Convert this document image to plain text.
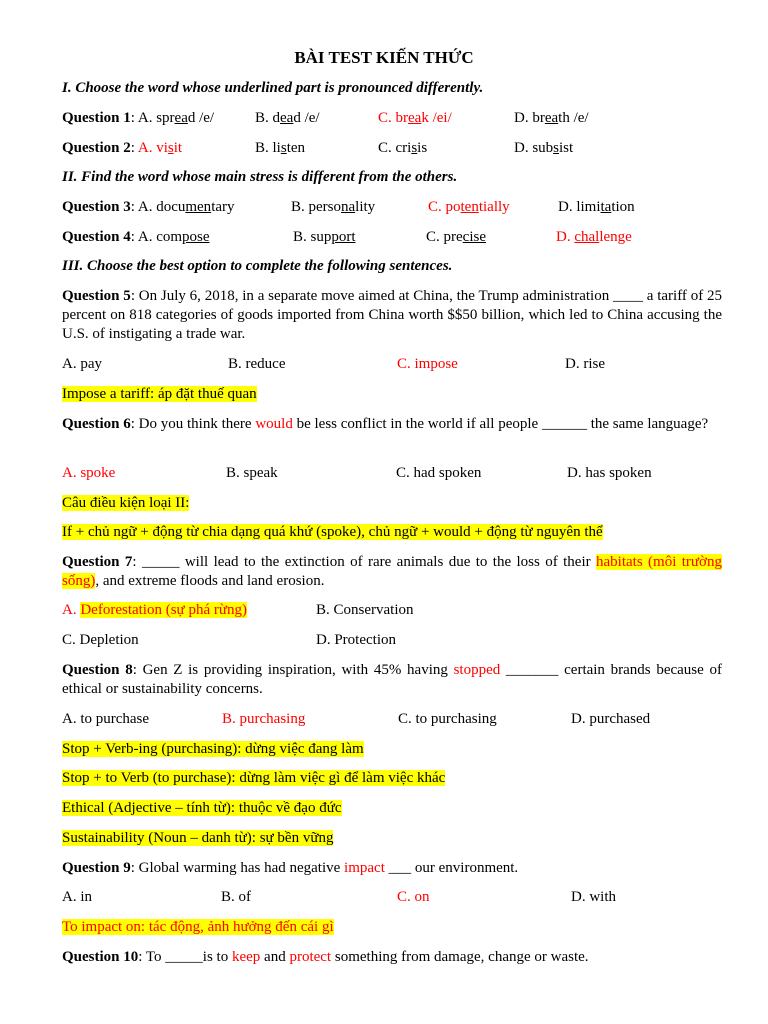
BÀI TEST KIẾN THỨC
I. Choose the word whose underlined part is pronounced differently.
Question 1: A. spread /e/	B. dead /e/	C. break /ei/	D. breath /e/
Question 2: A. visit	B. listen	C. crisis	D. subsist
II. Find the word whose main stress is different from the others.
Question 3: A. documentary	B. personality	C. potentially	D. limitation
Question 4: A. compose	B. support	C. precise	D. challenge
III. Choose the best option to complete the following sentences.
Question 5: On July 6, 2018, in a separate move aimed at China, the Trump administration ____ a tariff of 25 percent on 818 categories of goods imported from China worth $$50 billion, which led to China accusing the U.S. of instigating a trade war.
A. pay	B. reduce	C. impose	D. rise
Impose a tariff: áp đặt thuế quan
Question 6: Do you think there would be less conflict in the world if all people ______ the same language?
A. spoke	B. speak	C. had spoken	D. has spoken
Câu điều kiện loại II:
If + chủ ngữ + động từ chia dạng quá khứ (spoke), chủ ngữ + would + động từ nguyên thể
Question 7: _____ will lead to the extinction of rare animals due to the loss of their habitats (môi trường sống), and extreme floods and land erosion.
A. Deforestation (sự phá rừng)	B. Conservation
C. Depletion	D. Protection
Question 8: Gen Z is providing inspiration, with 45% having stopped _______ certain brands because of ethical or sustainability concerns.
A. to purchase	B. purchasing	C. to purchasing	D. purchased
Stop + Verb-ing (purchasing): dừng việc đang làm
Stop + to Verb (to purchase): dừng làm việc gì để làm việc khác
Ethical (Adjective – tính từ): thuộc về đạo đức
Sustainability (Noun – danh từ): sự bền vững
Question 9: Global warming has had negative impact ___ our environment.
A. in	B. of	C. on	D. with
To impact on: tác động, ảnh hưởng đến cái gì
Question 10: To _____is to keep and protect something from damage, change or waste.
